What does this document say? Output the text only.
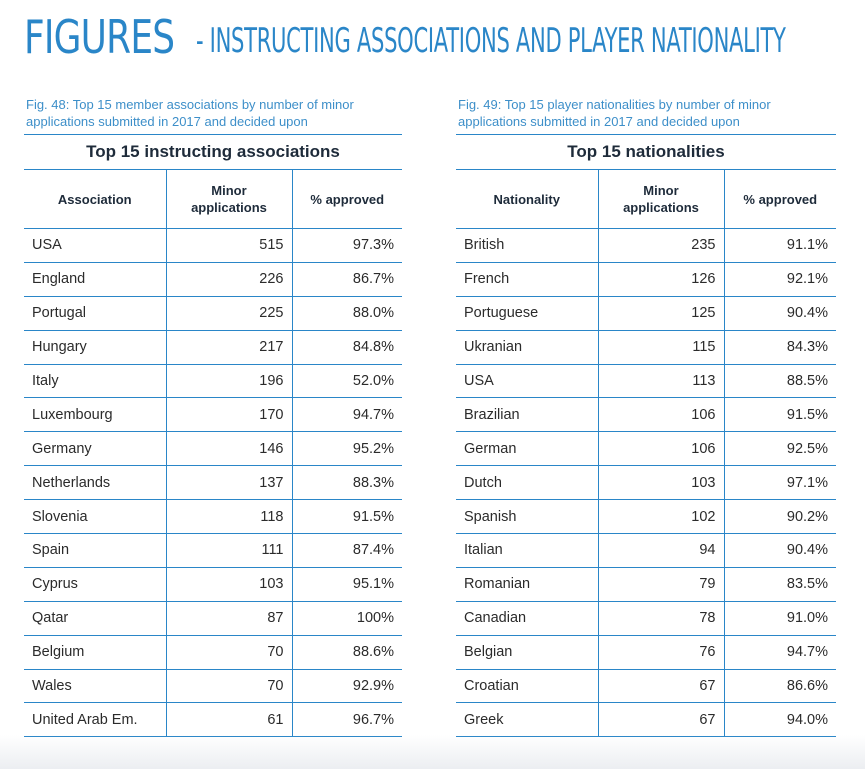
FIGURES - INSTRUCTING ASSOCIATIONS AND PLAYER NATIONALITY
Fig. 48: Top 15 member associations by number of minor applications submitted in 2017 and decided upon
Top 15 instructing associations		
Association	Minor applications	% approved
USA	515	97.3%
England	226	86.7%
Portugal	225	88.0%
Hungary	217	84.8%
Italy	196	52.0%
Luxembourg	170	94.7%
Germany	146	95.2%
Netherlands	137	88.3%
Slovenia	118	91.5%
Spain	111	87.4%
Cyprus	103	95.1%
Qatar	87	100%
Belgium	70	88.6%
Wales	70	92.9%
United Arab Em.	61	96.7%
Fig. 49: Top 15 player nationalities by number of minor applications submitted in 2017 and decided upon
Top 15 nationalities		
Nationality	Minor applications	% approved
British	235	91.1%
French	126	92.1%
Portuguese	125	90.4%
Ukranian	115	84.3%
USA	113	88.5%
Brazilian	106	91.5%
German	106	92.5%
Dutch	103	97.1%
Spanish	102	90.2%
Italian	94	90.4%
Romanian	79	83.5%
Canadian	78	91.0%
Belgian	76	94.7%
Croatian	67	86.6%
Greek	67	94.0%
